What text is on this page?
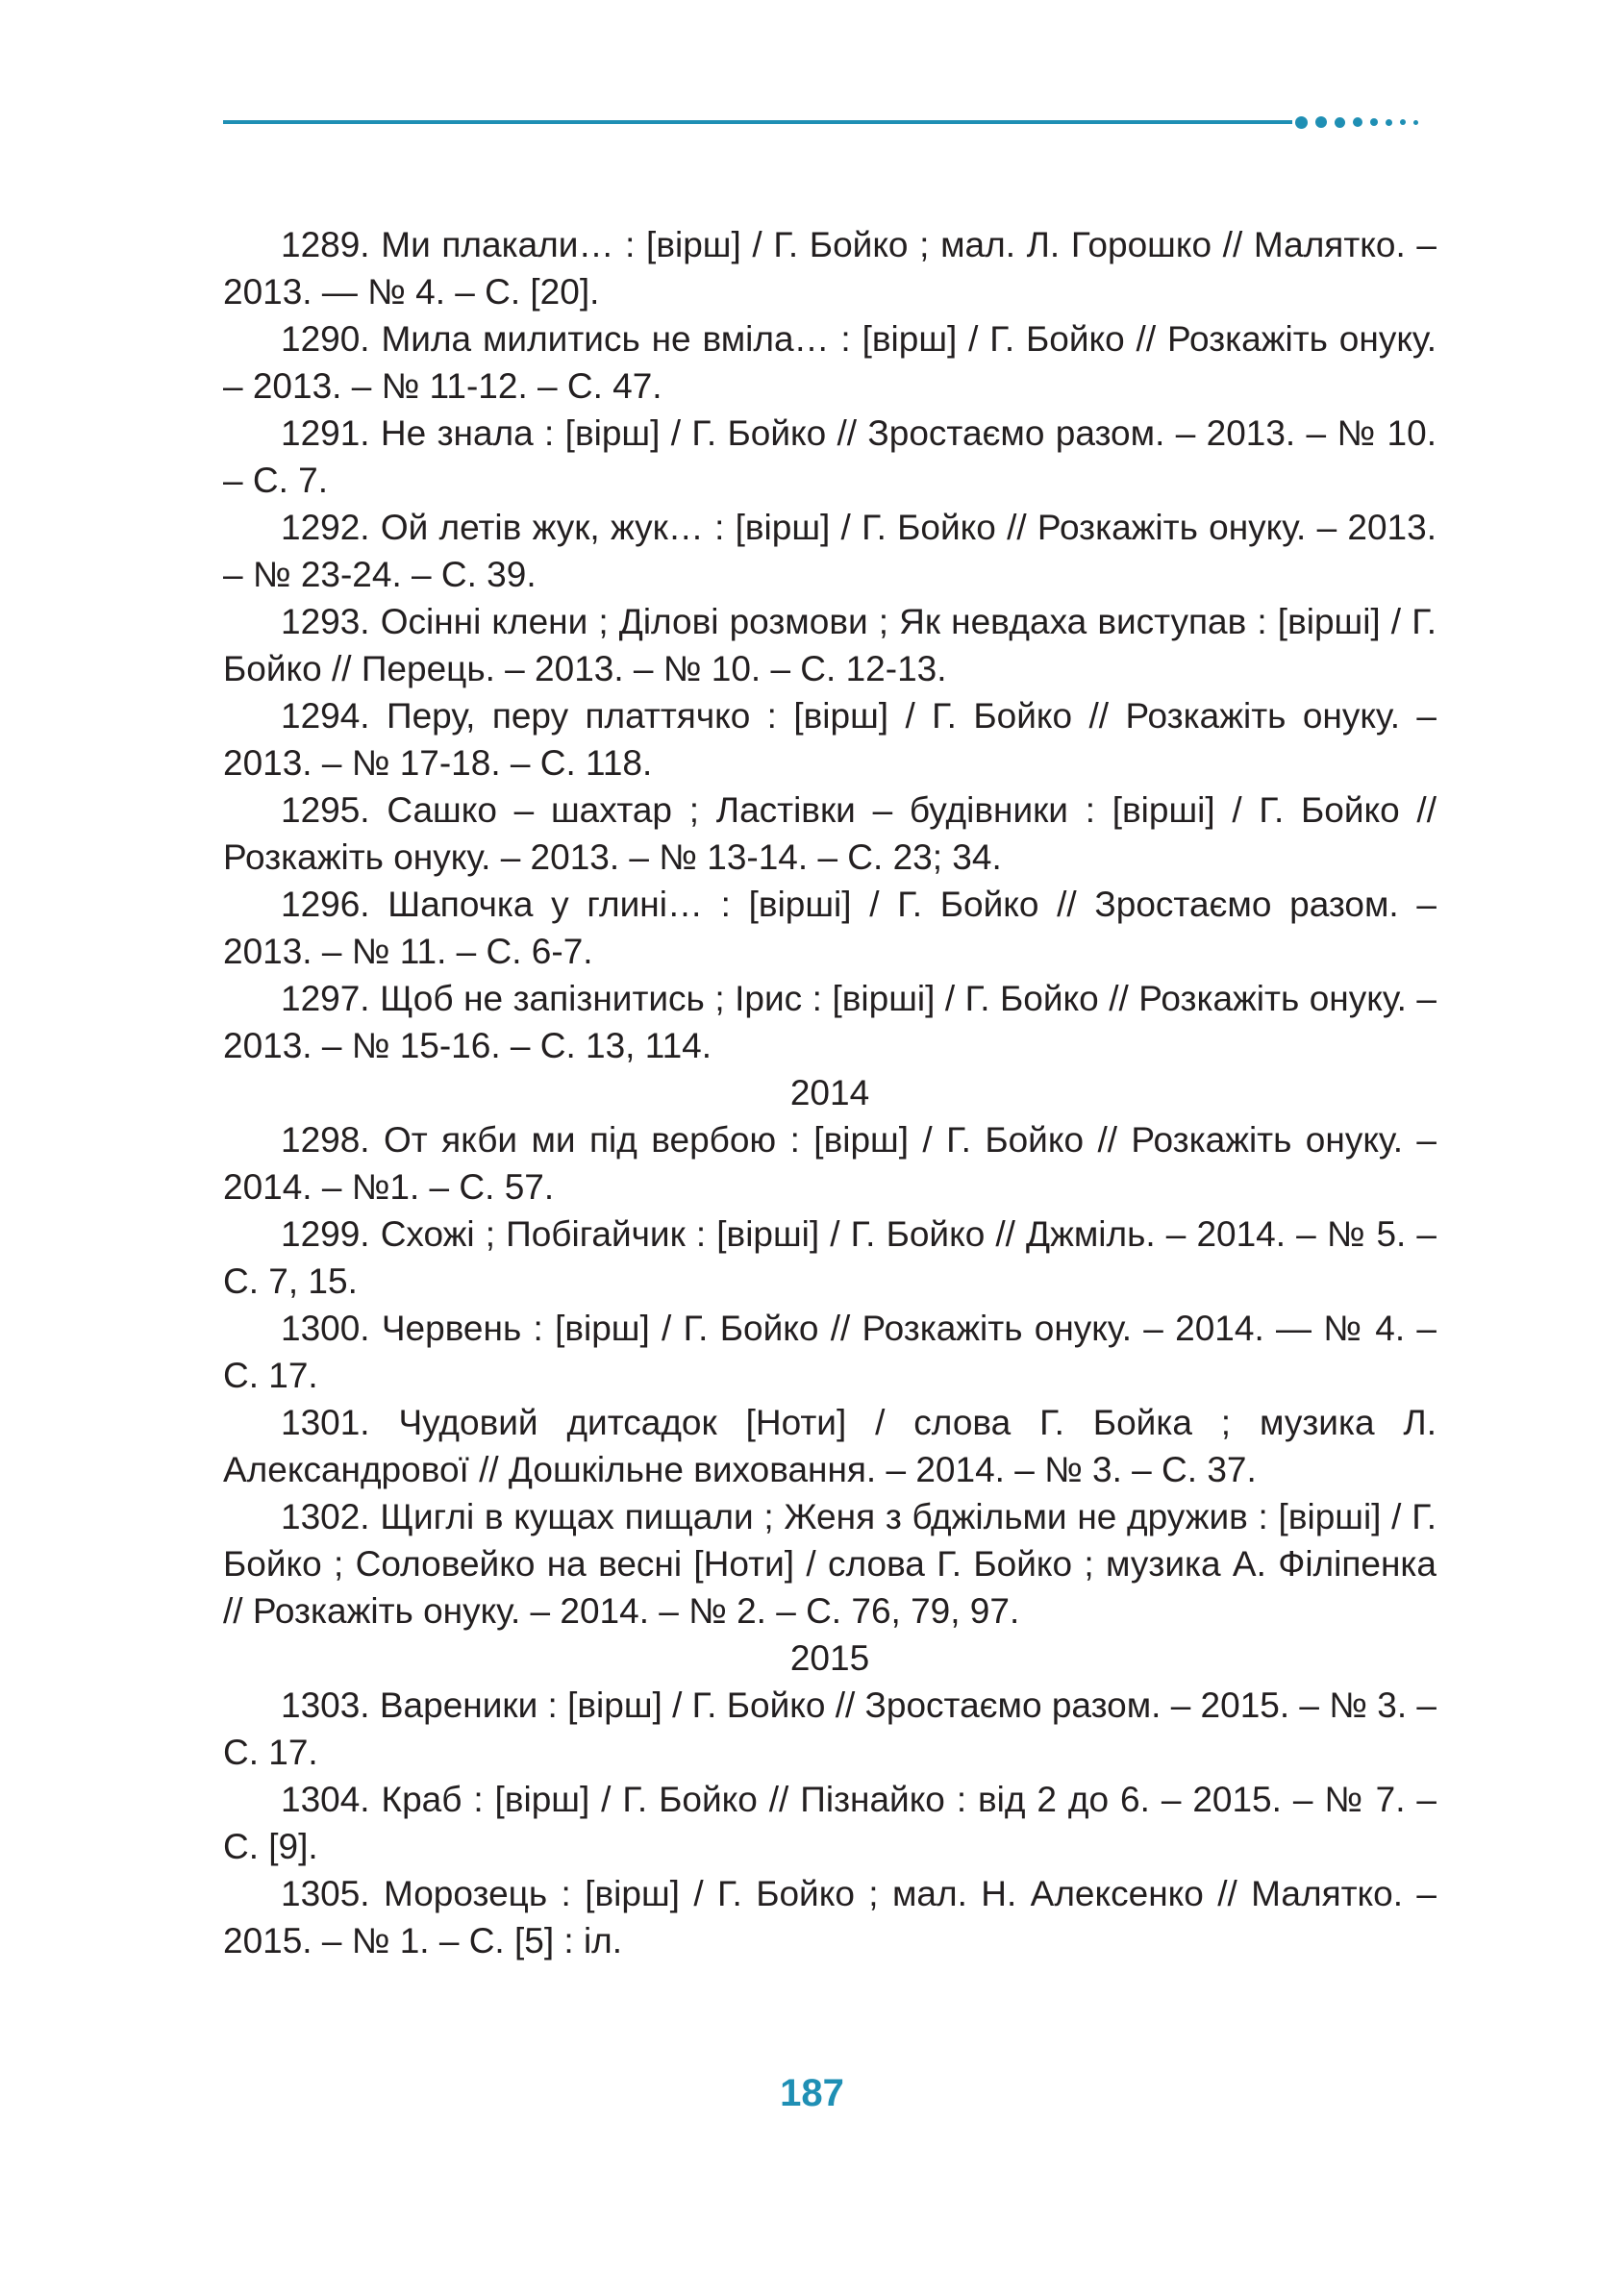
1289. Ми плакали… : [вірш] / Г. Бойко ; мал. Л. Горошко // Малятко. – 2013. — № 4. – С. [20].

1290. Мила милитись не вміла… : [вірш] / Г. Бойко // Розкажіть онуку. – 2013. – № 11-12. – С. 47.

1291. Не знала : [вірш] / Г. Бойко // Зростаємо разом. – 2013. – № 10. – С. 7.

1292. Ой летів жук, жук… : [вірш] / Г. Бойко // Розкажіть онуку. – 2013. – № 23-24. – С. 39.

1293. Осінні клени ; Ділові розмови ; Як невдаха виступав : [вірші] / Г. Бойко // Перець. – 2013. – № 10. – С. 12-13.

1294. Перу, перу платтячко : [вірш] / Г. Бойко // Розкажіть онуку. – 2013. – № 17-18. – С. 118.

1295. Сашко – шахтар ; Ластівки – будівники : [вірші] / Г. Бойко // Розкажіть онуку. – 2013. – № 13-14. – С. 23; 34.

1296. Шапочка у глині… : [вірші] / Г. Бойко // Зростаємо разом. – 2013. – № 11. – С. 6-7.

1297. Щоб не запізнитись ; Ірис : [вірші] / Г. Бойко // Розкажіть онуку. – 2013. – № 15-16. – С. 13, 114.

2014

1298. От якби ми під вербою : [вірш] / Г. Бойко // Розкажіть онуку. – 2014. – №1. – С. 57.

1299. Схожі ; Побігайчик : [вірші] / Г. Бойко // Джміль. – 2014. – № 5. – С. 7, 15.

1300. Червень : [вірш] / Г. Бойко // Розкажіть онуку. – 2014. — № 4. – С. 17.

1301. Чудовий дитсадок [Ноти] / слова Г. Бойка ; музика Л. Александрової // Дошкільне виховання. – 2014. – № 3. – С. 37.

1302. Щиглі в кущах пищали ; Женя з бджільми не дружив : [вірші] / Г. Бойко ; Соловейко на весні [Ноти] / слова Г. Бойко ; музика А. Філіпенка // Розкажіть онуку. – 2014. – № 2. – С. 76, 79, 97.

2015

1303. Вареники : [вірш] / Г. Бойко // Зростаємо разом. – 2015. – № 3. – С. 17.

1304. Краб : [вірш] / Г. Бойко // Пізнайко : від 2 до 6. – 2015. – № 7. – С. [9].

1305. Морозець : [вірш] / Г. Бойко ; мал. Н. Алексенко // Малятко. – 2015. – № 1. – С. [5] : іл.

187
